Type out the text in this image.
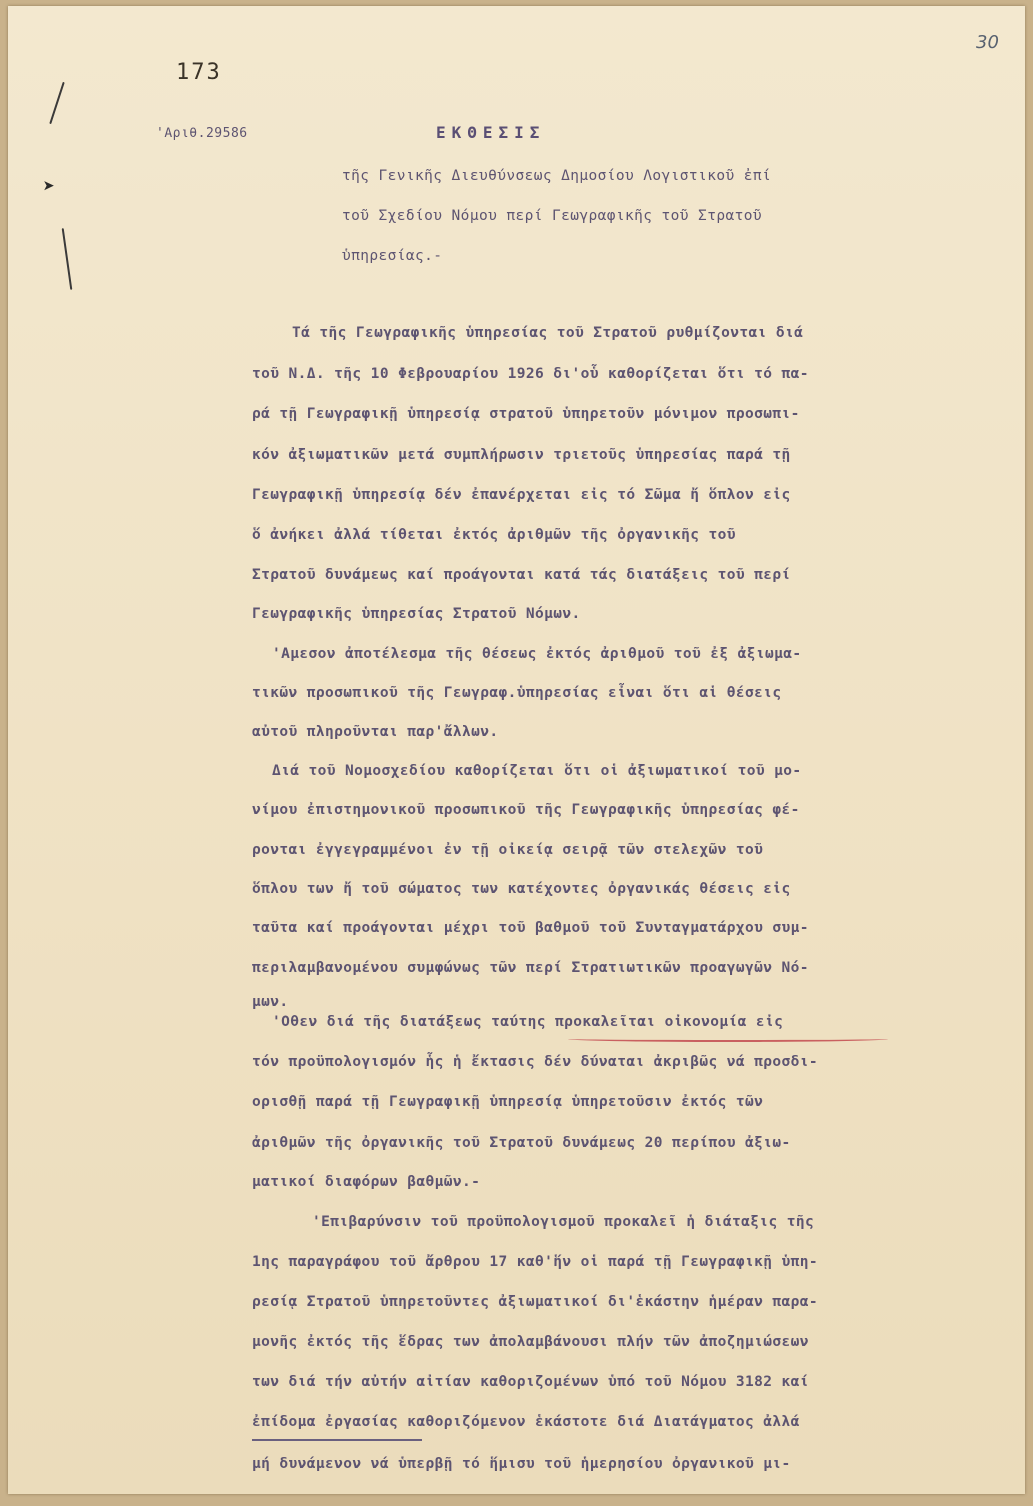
173
30
➤
'Αριθ.29586	ΕΚΘΕΣΙΣ
τῆς Γενικῆς Διευθύνσεως Δημοσίου Λογιστικοῦ ἐπί
τοῦ Σχεδίου Νόμου περί Γεωγραφικῆς τοῦ Στρατοῦ
ὑπηρεσίας.-
Τά τῆς Γεωγραφικῆς ὑπηρεσίας τοῦ Στρατοῦ ρυθμίζονται διά
τοῦ Ν.Δ. τῆς 10 Φεβρουαρίου 1926 δι'οὗ καθορίζεται ὅτι τό πα-
ρά τῇ Γεωγραφικῇ ὑπηρεσίᾳ στρατοῦ ὑπηρετοῦν μόνιμον προσωπι-
κόν ἀξιωματικῶν μετά συμπλήρωσιν τριετοῦς ὑπηρεσίας παρά τῇ
Γεωγραφικῇ ὑπηρεσίᾳ δέν ἐπανέρχεται εἰς τό Σῶμα ἤ ὅπλον εἰς
ὅ ἀνήκει ἀλλά τίθεται ἐκτός ἀριθμῶν τῆς ὀργανικῆς τοῦ
Στρατοῦ δυνάμεως καί προάγονται κατά τάς διατάξεις τοῦ περί
Γεωγραφικῆς ὑπηρεσίας Στρατοῦ Νόμων.
'Αμεσον ἀποτέλεσμα τῆς θέσεως ἐκτός ἀριθμοῦ τοῦ ἐξ ἀξιωμα-
τικῶν προσωπικοῦ τῆς Γεωγραφ.ὑπηρεσίας εἶναι ὅτι αἱ θέσεις
αὐτοῦ πληροῦνται παρ'ἄλλων.
Διά τοῦ Νομοσχεδίου καθορίζεται ὅτι οἱ ἀξιωματικοί τοῦ μο-
νίμου ἐπιστημονικοῦ προσωπικοῦ τῆς Γεωγραφικῆς ὑπηρεσίας φέ-
ρονται ἐγγεγραμμένοι ἐν τῇ οἰκείᾳ σειρᾷ τῶν στελεχῶν τοῦ
ὅπλου των ἤ τοῦ σώματος των κατέχοντες ὀργανικάς θέσεις εἰς
ταῦτα καί προάγονται μέχρι τοῦ βαθμοῦ τοῦ Συνταγματάρχου συμ-
περιλαμβανομένου συμφώνως τῶν περί Στρατιωτικῶν προαγωγῶν Νό-
μων.
'Οθεν διά τῆς διατάξεως ταύτης προκαλεῖται οἰκονομία εἰς
τόν προϋπολογισμόν ἧς ἡ ἔκτασις δέν δύναται ἀκριβῶς νά προσδι-
ορισθῇ παρά τῇ Γεωγραφικῇ ὑπηρεσίᾳ ὑπηρετοῦσιν ἐκτός τῶν
ἀριθμῶν τῆς ὀργανικῆς τοῦ Στρατοῦ δυνάμεως 20 περίπου ἀξιω-
ματικοί διαφόρων βαθμῶν.-
'Επιβαρύνσιν τοῦ προϋπολογισμοῦ προκαλεῖ ἡ διάταξις τῆς
1ης παραγράφου τοῦ ἄρθρου 17 καθ'ἥν οἱ παρά τῇ Γεωγραφικῇ ὑπη-
ρεσίᾳ Στρατοῦ ὑπηρετοῦντες ἀξιωματικοί δι'ἑκάστην ἡμέραν παρα-
μονῆς ἐκτός τῆς ἕδρας των ἀπολαμβάνουσι πλήν τῶν ἀποζημιώσεων
των διά τήν αὐτήν αἰτίαν καθοριζομένων ὑπό τοῦ Νόμου 3182 καί
ἐπίδομα ἐργασίας καθοριζόμενον ἑκάστοτε διά Διατάγματος ἀλλά
μή δυνάμενον νά ὑπερβῇ τό ἥμισυ τοῦ ἡμερησίου ὀργανικοῦ μι-
